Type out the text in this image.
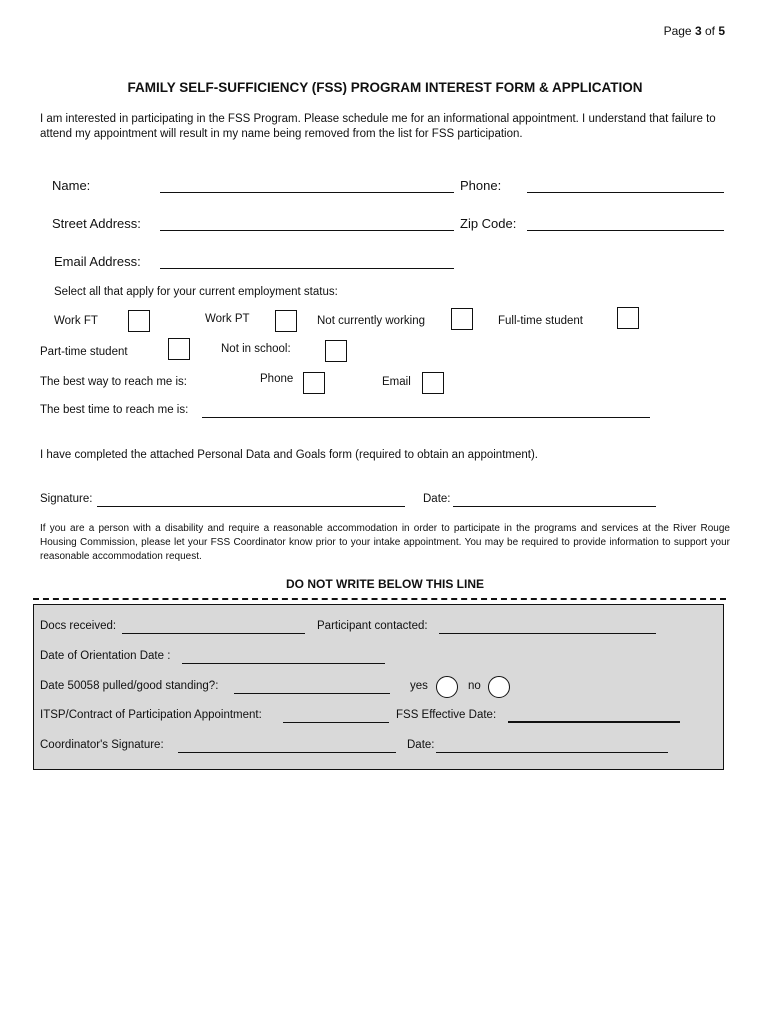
Page 3 of 5
FAMILY SELF-SUFFICIENCY (FSS) PROGRAM INTEREST FORM & APPLICATION
I am interested in participating in the FSS Program. Please schedule me for an informational appointment. I understand that failure to attend my appointment will result in my name being removed from the list for FSS participation.
Name:	Phone:
Street Address:	Zip Code:
Email Address:
Select all that apply for your current employment status:
Work FT	Work PT	Not currently working	Full-time student
Part-time student	Not in school:
The best way to reach me is:	Phone	Email
The best time to reach me is:
I have completed the attached Personal Data and Goals form (required to obtain an appointment).
Signature:	Date:
If you are a person with a disability and require a reasonable accommodation in order to participate in the programs and services at the River Rouge Housing Commission, please let your FSS Coordinator know prior to your intake appointment. You may be required to provide information to support your reasonable accommodation request.
DO NOT WRITE BELOW THIS LINE
Docs received:	Participant contacted:
Date of Orientation Date :
Date 50058 pulled/good standing?:	yes	no
ITSP/Contract of Participation Appointment:	FSS Effective Date:
Coordinator's Signature:	Date:
